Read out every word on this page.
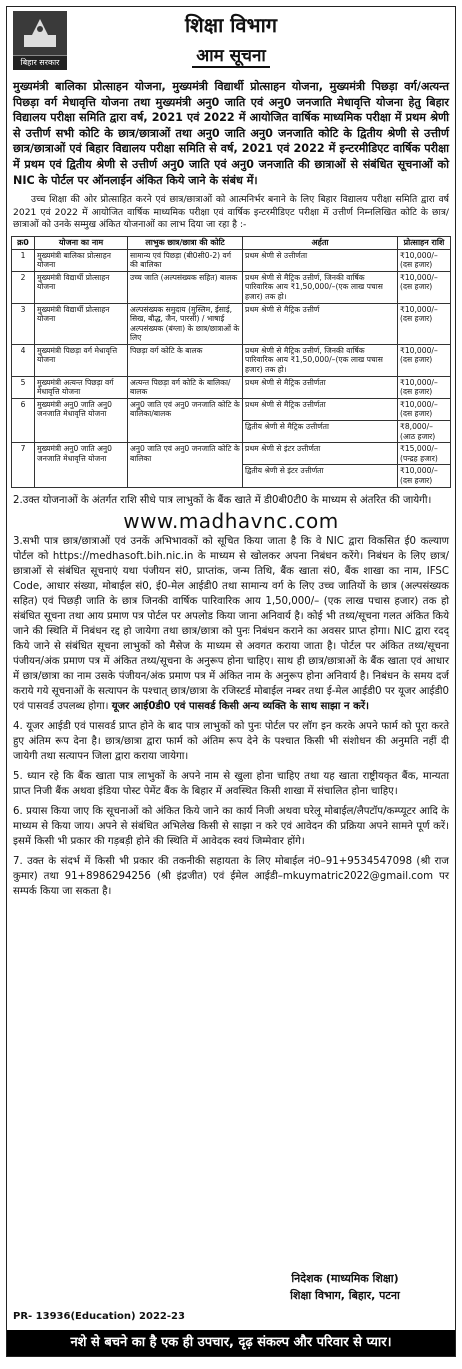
बिहार सरकार
शिक्षा विभाग
आम सूचना
मुख्यमंत्री बालिका प्रोत्साहन योजना, मुख्यमंत्री विद्यार्थी प्रोत्साहन योजना, मुख्यमंत्री पिछड़ा वर्ग/अत्यन्त पिछड़ा वर्ग मेधावृत्ति योजना तथा मुख्यमंत्री अनु0 जाति एवं अनु0 जनजाति मेधावृत्ति योजना हेतु बिहार विद्यालय परीक्षा समिति द्वारा वर्ष, 2021 एवं 2022 में आयोजित वार्षिक माध्यमिक परीक्षा में प्रथम श्रेणी से उत्तीर्ण सभी कोटि के छात्र/छात्राओं तथा अनु0 जाति अनु0 जनजाति कोटि के द्वितीय श्रेणी से उत्तीर्ण छात्र/छात्राओं एवं बिहार विद्यालय परीक्षा समिति से वर्ष, 2021 एवं 2022 में इन्टरमीडिएट वार्षिक परीक्षा में प्रथम एवं द्वितीय श्रेणी से उत्तीर्ण अनु0 जाति एवं अनु0 जनजाति की छात्राओं से संबंधित सूचनाओं को NIC के पोर्टल पर ऑनलाईन अंकित किये जाने के संबंध में।
उच्च शिक्षा की ओर प्रोत्साहित करने एवं छात्र/छात्राओं को आत्मनिर्भर बनाने के लिए बिहार विद्यालय परीक्षा समिति द्वारा वर्ष 2021 एवं 2022 में आयोजित वार्षिक माध्यमिक परीक्षा एवं वार्षिक इन्टरमीडिएट परीक्षा में उत्तीर्ण निम्नलिखित कोटि के छात्र/छात्राओं को उनके सम्मुख अंकित योजनाओं का लाभ दिया जा रहा है :-
क्र0	योजना का नाम	लाभुक छात्र/छात्रा की कोटि	अर्हता	प्रोत्साहन राशि
1	मुख्यमंत्री बालिका प्रोत्साहन योजना	सामान्य एवं पिछड़ा (बी0सी0-2) वर्ग की बालिका	प्रथम श्रेणी से उत्तीर्णता	₹10,000/– (दस हजार)
2	मुख्यमंत्री विद्यार्थी प्रोत्साहन योजना	उच्च जाति (अल्पसंख्यक सहित) बालक	प्रथम श्रेणी से मैट्रिक उत्तीर्ण, जिनकी वार्षिक पारिवारिक आय ₹1,50,000/–(एक लाख पचास हजार) तक हो।	₹10,000/– (दस हजार)
3	मुख्यमंत्री विद्यार्थी प्रोत्साहन योजना	अल्पसंख्यक समुदाय (मुस्लिम, ईसाई, सिख, बौद्ध, जैन, पारसी) / भाषाई अल्पसंख्यक (बंग्ला) के छात्र/छात्राओं के लिए	प्रथम श्रेणी से मैट्रिक उत्तीर्ण	₹10,000/– (दस हजार)
4	मुख्यमंत्री पिछड़ा वर्ग मेधावृत्ति योजना	पिछड़ा वर्ग कोटि के बालक	प्रथम श्रेणी से मैट्रिक उत्तीर्ण, जिनकी वार्षिक पारिवारिक आय ₹1,50,000/–(एक लाख पचास हजार) तक हो।	₹10,000/– (दस हजार)
5	मुख्यमंत्री अत्यन्त पिछड़ा वर्ग मेधावृत्ति योजना	अत्यन्त पिछड़ा वर्ग कोटि के बालिका/बालक	प्रथम श्रेणी से मैट्रिक उत्तीर्णता	₹10,000/– (दस हजार)
6	मुख्यमंत्री अनु0 जाति अनु0 जनजाति मेधावृत्ति योजना	अनु0 जाति एवं अनु0 जनजाति कोटि के बालिका/बालक	प्रथम श्रेणी से मैट्रिक उत्तीर्णता	₹10,000/– (दस हजार)
			द्वितीय श्रेणी से मैट्रिक उत्तीर्णता	₹8,000/– (आठ हजार)
7	मुख्यमंत्री अनु0 जाति अनु0 जनजाति मेधावृत्ति योजना	अनु0 जाति एवं अनु0 जनजाति कोटि के बालिका	प्रथम श्रेणी से इंटर उत्तीर्णता	₹15,000/– (पन्द्रह हजार)
			द्वितीय श्रेणी से इंटर उत्तीर्णता	₹10,000/– (दस हजार)
2.उक्त योजनाओं के अंतर्गत राशि सीधे पात्र लाभुकों के बैंक खाते में डी0बी0टी0 के माध्यम से अंतरित की जायेगी।
www.madhavnc.com
3.सभी पात्र छात्र/छात्राओं एवं उनकें अभिभावकों को सूचित किया जाता है कि वे NIC द्वारा विकसित ई0 कल्याण पोर्टल को https://medhasoft.bih.nic.in के माध्यम से खोलकर अपना निबंधन करेंगे। निबंधन के लिए छात्र/छात्राओं से संबंधित सूचनाएं यथा पंजीयन सं0, प्राप्तांक, जन्म तिथि, बैंक खाता सं0, बैंक शाखा का नाम, IFSC Code, आधार संख्या, मोबाईल सं0, ई0-मेल आईडी0 तथा सामान्य वर्ग के लिए उच्च जातियों के छात्र (अल्पसंख्यक सहित) एवं पिछड़ी जाति के छात्र जिनकी वार्षिक पारिवारिक आय 1,50,000/– (एक लाख पचास हजार) तक हो संबंधित सूचना तथा आय प्रमाण पत्र पोर्टल पर अपलोड किया जाना अनिवार्य है। कोई भी तथ्य/सूचना गलत अंकित किये जाने की स्थिति में निबंधन रद्द हो जायेगा तथा छात्र/छात्रा को पुनः निबंधन कराने का अवसर प्राप्त होगा। NIC द्वारा रदद् किये जाने से संबंधित सूचना लाभुकों को मैसेज के माध्यम से अवगत कराया जाता है। पोर्टल पर अंकित तथ्य/सूचना पंजीयन/अंक प्रमाण पत्र में अंकित तथ्य/सूचना के अनुरूप होना चाहिए। साथ ही छात्र/छात्राओं के बैंक खाता एवं आधार में छात्र/छात्रा का नाम उसके पंजीयन/अंक प्रमाण पत्र में अंकित नाम के अनुरूप होना अनिवार्य है। निबंधन के समय दर्ज कराये गये सूचनाओं के सत्यापन के पश्चात् छात्र/छात्रा के रजिस्टर्ड मोबाईल नम्बर तथा ई-मेल आईडी0 पर यूजर आईडी0 एवं पासवर्ड उपलब्ध होगा। यूजर आई0डी0 एवं पासवर्ड किसी अन्य व्यक्ति के साथ साझा न करें।
4. यूजर आईडी एवं पासवर्ड प्राप्त होने के बाद पात्र लाभुकों को पुनः पोर्टल पर लॉग इन करके अपने फार्म को पूरा करते हुए अंतिम रूप देना है। छात्र/छात्रा द्वारा फार्म को अंतिम रूप देने के पश्चात किसी भी संशोधन की अनुमति नहीं दी जायेगी तथा सत्यापन जिला द्वारा कराया जायेगा।
5. ध्यान रहे कि बैंक खाता पात्र लाभुकों के अपने नाम से खुला होना चाहिए तथा यह खाता राष्ट्रीयकृत बैंक, मान्यता प्राप्त निजी बैंक अथवा इंडिया पोस्ट पेमेंट बैंक के बिहार में अवस्थित किसी शाखा में संचालित होना चाहिए।
6. प्रयास किया जाए कि सूचनाओं को अंकित किये जाने का कार्य निजी अथवा घरेलू मोबाईल/लैपटॉप/कम्प्यूटर आदि के माध्यम से किया जाय। अपने से संबंधित अभिलेख किसी से साझा न करे एवं आवेदन की प्रक्रिया अपने सामने पूर्ण करें। इसमें किसी भी प्रकार की गड़बड़ी होने की स्थिति में आवेदक स्वयं जिम्मेवार होंगे।
7. उक्त के संदर्भ में किसी भी प्रकार की तकनीकी सहायता के लिए मोबाईल नं0–91+9534547098 (श्री राज कुमार) तथा 91+8986294256 (श्री इंद्रजीत) एवं ईमेल आईडी–mkuymatric2022@gmail.com पर सम्पर्क किया जा सकता है।
निदेशक (माध्यमिक शिक्षा)
शिक्षा विभाग, बिहार, पटना
PR- 13936(Education) 2022-23
नशे से बचने का है एक ही उपचार, दृढ़ संकल्प और परिवार से प्यार।
